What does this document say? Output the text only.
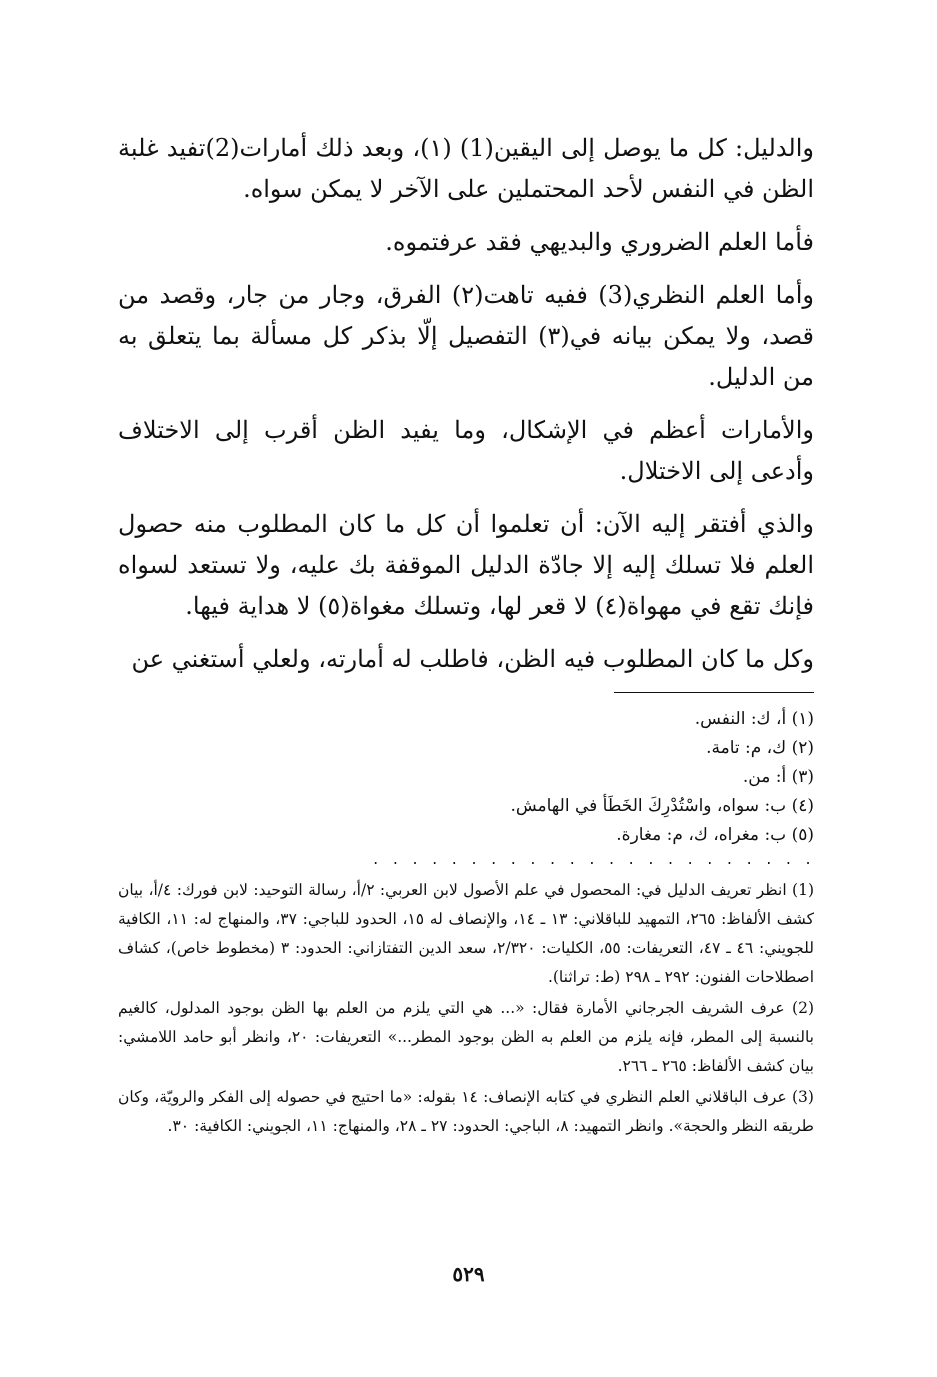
والدليل: كل ما يوصل إلى اليقين(1) (١)، وبعد ذلك أمارات(2)تفيد غلبة الظن في النفس لأحد المحتملين على الآخر لا يمكن سواه.

فأما العلم الضروري والبديهي فقد عرفتموه.

وأما العلم النظري(3) ففيه تاهت(٢) الفرق، وجار من جار، وقصد من قصد، ولا يمكن بيانه في(٣) التفصيل إلّا بذكر كل مسألة بما يتعلق به من الدليل.

والأمارات أعظم في الإشكال، وما يفيد الظن أقرب إلى الاختلاف وأدعى إلى الاختلال.

والذي أفتقر إليه الآن: أن تعلموا أن كل ما كان المطلوب منه حصول العلم فلا تسلك إليه إلا جادّة الدليل الموقفة بك عليه، ولا تستعد لسواه فإنك تقع في مهواة(٤) لا قعر لها، وتسلك مغواة(٥) لا هداية فيها.

وكل ما كان المطلوب فيه الظن، فاطلب له أمارته، ولعلي أستغني عن

(١) أ، ك: النفس.
(٢) ك، م: تامة.
(٣) أ: من.
(٤) ب: سواه، واسْتُدْرِكَ الخَطَأ في الهامش.
(٥) ب: مغراه، ك، م: مغارة.
. . . . . . . . . . . . . . . . . . . . . . .

(1) انظر تعريف الدليل في: المحصول في علم الأصول لابن العربي: ٢/أ، رسالة التوحيد: لابن فورك: ٤/أ، بيان كشف الألفاظ: ٢٦٥، التمهيد للباقلاني: ١٣ ـ ١٤، والإنصاف له ١٥، الحدود للباجي: ٣٧، والمنهاج له: ١١، الكافية للجويني: ٤٦ ـ ٤٧، التعريفات: ٥٥، الكليات: ٢/٣٢٠، سعد الدين التفتازاني: الحدود: ٣ (مخطوط خاص)، كشاف اصطلاحات الفنون: ٢٩٢ ـ ٢٩٨ (ط: تراثنا).

(2) عرف الشريف الجرجاني الأمارة فقال: «... هي التي يلزم من العلم بها الظن بوجود المدلول، كالغيم بالنسبة إلى المطر، فإنه يلزم من العلم به الظن بوجود المطر...» التعريفات: ٢٠، وانظر أبو حامد اللامشي: بيان كشف الألفاظ: ٢٦٥ ـ ٢٦٦.

(3) عرف الباقلاني العلم النظري في كتابه الإنصاف: ١٤ بقوله: «ما احتيج في حصوله إلى الفكر والرويّة، وكان طريقه النظر والحجة». وانظر التمهيد: ٨، الباجي: الحدود: ٢٧ ـ ٢٨، والمنهاج: ١١، الجويني: الكافية: ٣٠.

٥٢٩
